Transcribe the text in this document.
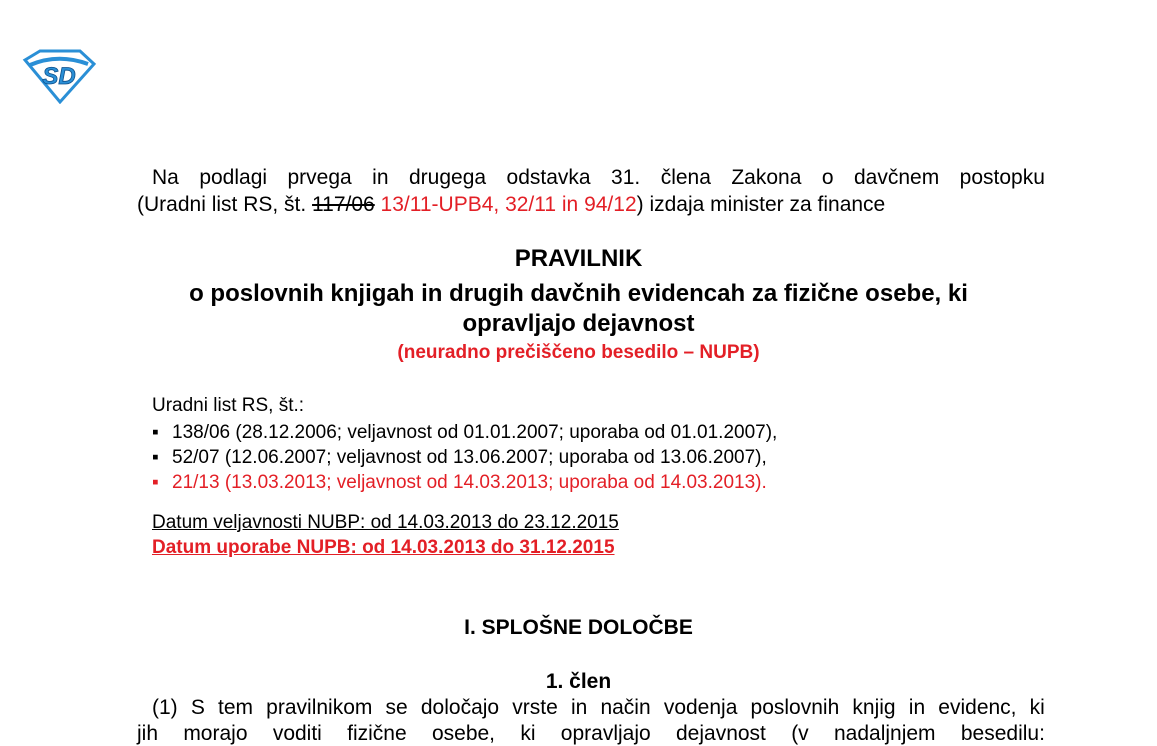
SD
Na podlagi prvega in drugega odstavka 31. člena Zakona o davčnem postopku
(Uradni list RS, št. 117/06 13/11-UPB4, 32/11 in 94/12) izdaja minister za finance
PRAVILNIK
o poslovnih knjigah in drugih davčnih evidencah za fizične osebe, ki
opravljajo dejavnost
(neuradno prečiščeno besedilo – NUPB)
Uradni list RS, št.:
▪ 138/06 (28.12.2006; veljavnost od 01.01.2007; uporaba od 01.01.2007),
▪ 52/07 (12.06.2007; veljavnost od 13.06.2007; uporaba od 13.06.2007),
▪ 21/13 (13.03.2013; veljavnost od 14.03.2013; uporaba od 14.03.2013).
Datum veljavnosti NUBP: od 14.03.2013 do 23.12.2015
Datum uporabe NUPB: od 14.03.2013 do 31.12.2015
I. SPLOŠNE DOLOČBE
1. člen
(1) S tem pravilnikom se določajo vrste in način vodenja poslovnih knjig in evidenc, ki
jih morajo voditi fizične osebe, ki opravljajo dejavnost (v nadaljnjem besedilu:
